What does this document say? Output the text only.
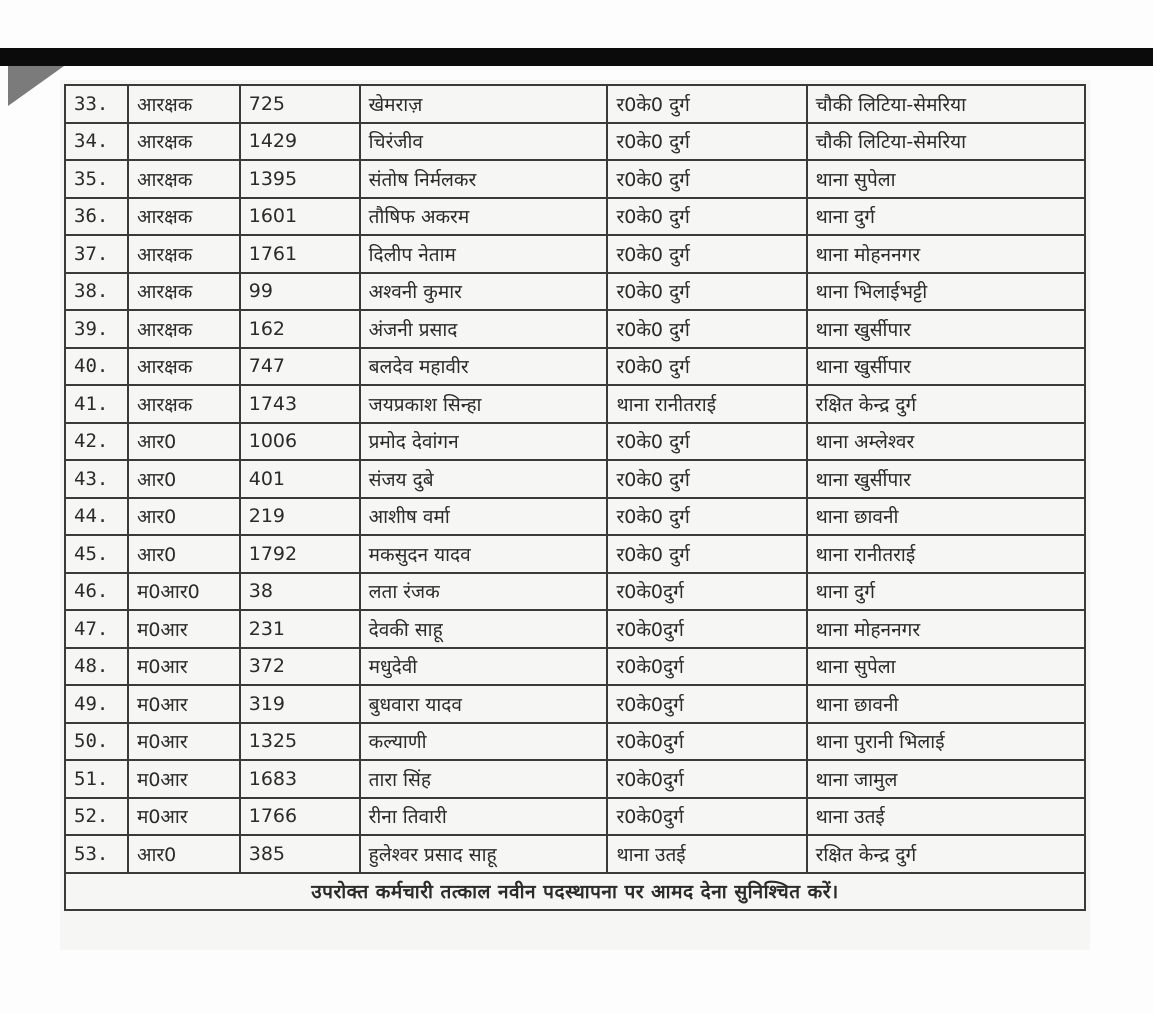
33.	आरक्षक	725	खेमराज़	र0के0 दुर्ग	चौकी लिटिया-सेमरिया
34.	आरक्षक	1429	चिरंजीव	र0के0 दुर्ग	चौकी लिटिया-सेमरिया
35.	आरक्षक	1395	संतोष निर्मलकर	र0के0 दुर्ग	थाना सुपेला
36.	आरक्षक	1601	तौषिफ अकरम	र0के0 दुर्ग	थाना दुर्ग
37.	आरक्षक	1761	दिलीप नेताम	र0के0 दुर्ग	थाना मोहननगर
38.	आरक्षक	99	अश्वनी कुमार	र0के0 दुर्ग	थाना भिलाईभट्टी
39.	आरक्षक	162	अंजनी प्रसाद	र0के0 दुर्ग	थाना खुर्सीपार
40.	आरक्षक	747	बलदेव महावीर	र0के0 दुर्ग	थाना खुर्सीपार
41.	आरक्षक	1743	जयप्रकाश सिन्हा	थाना रानीतराई	रक्षित केन्द्र दुर्ग
42.	आर0	1006	प्रमोद देवांगन	र0के0 दुर्ग	थाना अम्लेश्वर
43.	आर0	401	संजय दुबे	र0के0 दुर्ग	थाना खुर्सीपार
44.	आर0	219	आशीष वर्मा	र0के0 दुर्ग	थाना छावनी
45.	आर0	1792	मकसुदन यादव	र0के0 दुर्ग	थाना रानीतराई
46.	म0आर0	38	लता रंजक	र0के0दुर्ग	थाना दुर्ग
47.	म0आर	231	देवकी साहू	र0के0दुर्ग	थाना मोहननगर
48.	म0आर	372	मधुदेवी	र0के0दुर्ग	थाना सुपेला
49.	म0आर	319	बुधवारा यादव	र0के0दुर्ग	थाना छावनी
50.	म0आर	1325	कल्याणी	र0के0दुर्ग	थाना पुरानी भिलाई
51.	म0आर	1683	तारा सिंह	र0के0दुर्ग	थाना जामुल
52.	म0आर	1766	रीना तिवारी	र0के0दुर्ग	थाना उतई
53.	आर0	385	हुलेश्वर प्रसाद साहू	थाना उतई	रक्षित केन्द्र दुर्ग
उपरोक्त कर्मचारी तत्काल नवीन पदस्थापना पर आमद देना सुनिश्चित करें।					
